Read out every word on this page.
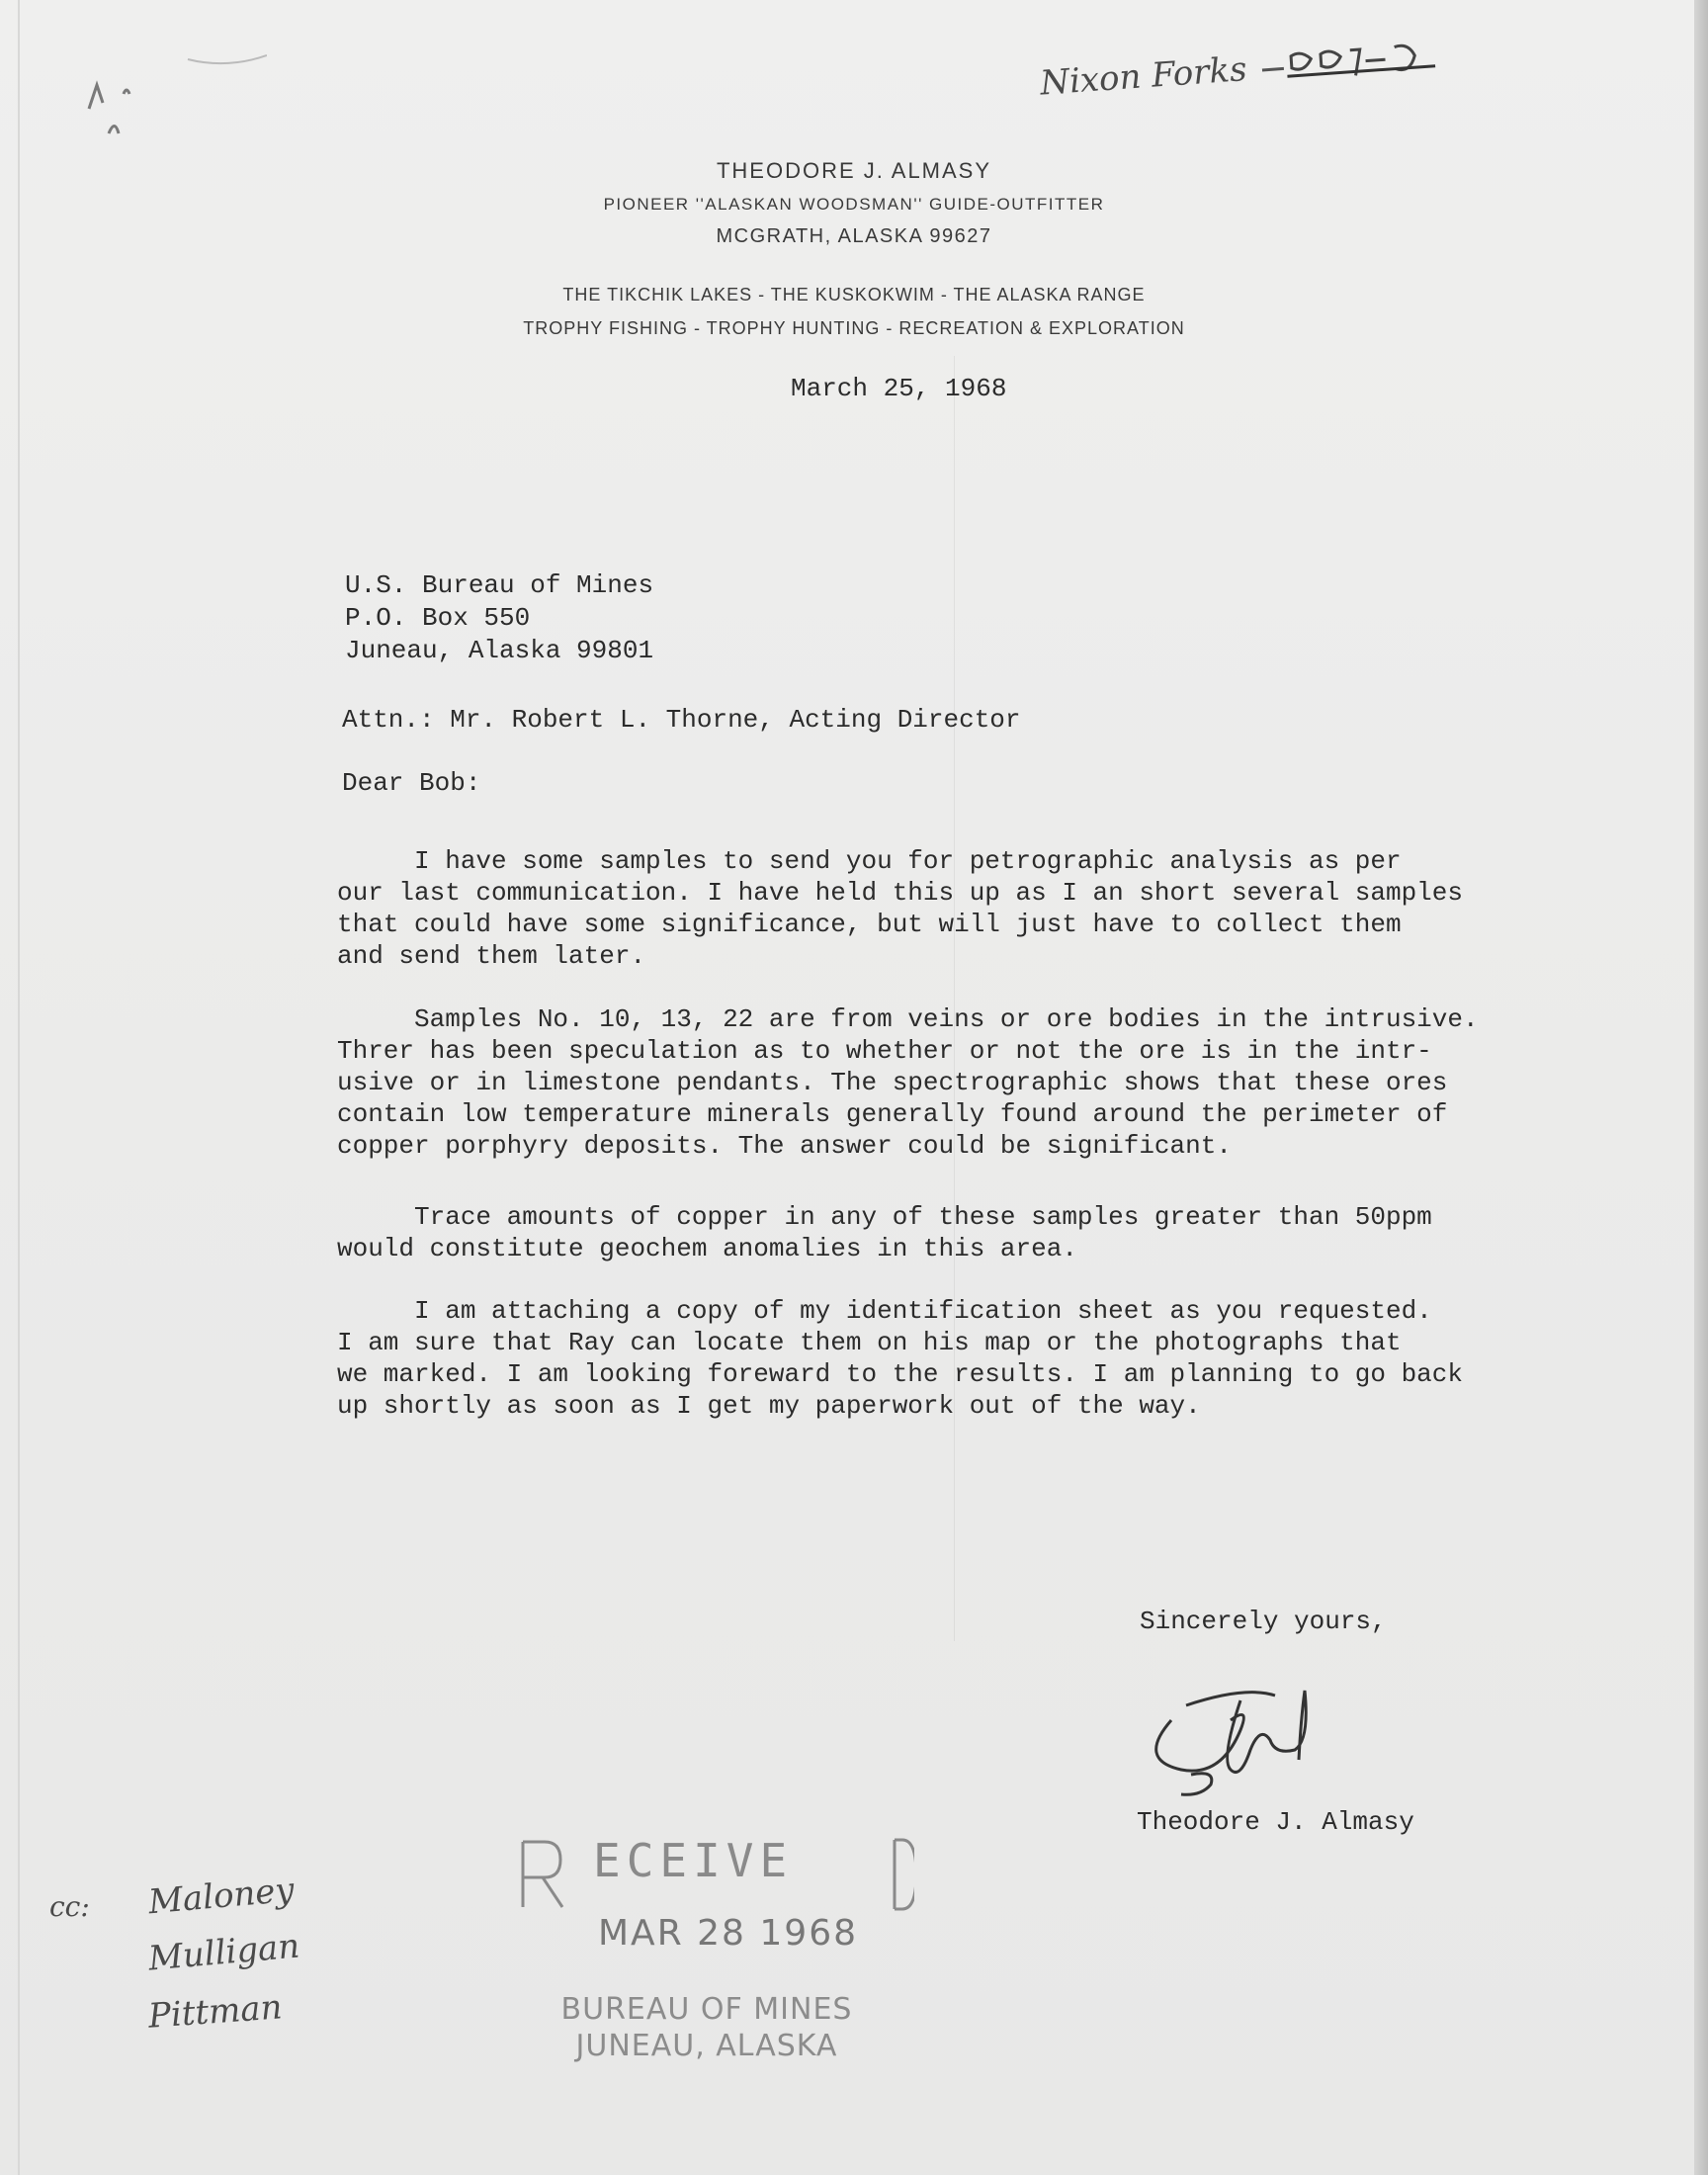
Nixon Forks
THEODORE J. ALMASY
PIONEER ''ALASKAN WOODSMAN'' GUIDE-OUTFITTER
MCGRATH, ALASKA 99627
THE TIKCHIK LAKES - THE KUSKOKWIM - THE ALASKA RANGE
TROPHY FISHING - TROPHY HUNTING - RECREATION & EXPLORATION
March 25, 1968
U.S. Bureau of Mines
P.O. Box 550
Juneau, Alaska 99801
Attn.: Mr. Robert L. Thorne, Acting Director
Dear Bob:
I have some samples to send you for petrographic analysis as per
our last communication. I have held this up as I an short several samples
that could have some significance, but will just have to collect them
and send them later.
Samples No. 10, 13, 22 are from veins or ore bodies in the intrusive.
Threr has been speculation as to whether or not the ore is in the intr-
usive or in limestone pendants. The spectrographic shows that these ores
contain low temperature minerals generally found around the perimeter of
copper porphyry deposits. The answer could be significant.
Trace amounts of copper in any of these samples greater than 50ppm
would constitute geochem anomalies in this area.
I am attaching a copy of my identification sheet as you requested.
I am sure that Ray can locate them on his map or the photographs that
we marked. I am looking foreward to the results. I am planning to go back
up shortly as soon as I get my paperwork out of the way.
Sincerely yours,
Theodore J. Almasy
cc: Maloney
Mulligan
Pittman
ECEIVE
MAR 28 1968
BUREAU OF MINES
JUNEAU, ALASKA
